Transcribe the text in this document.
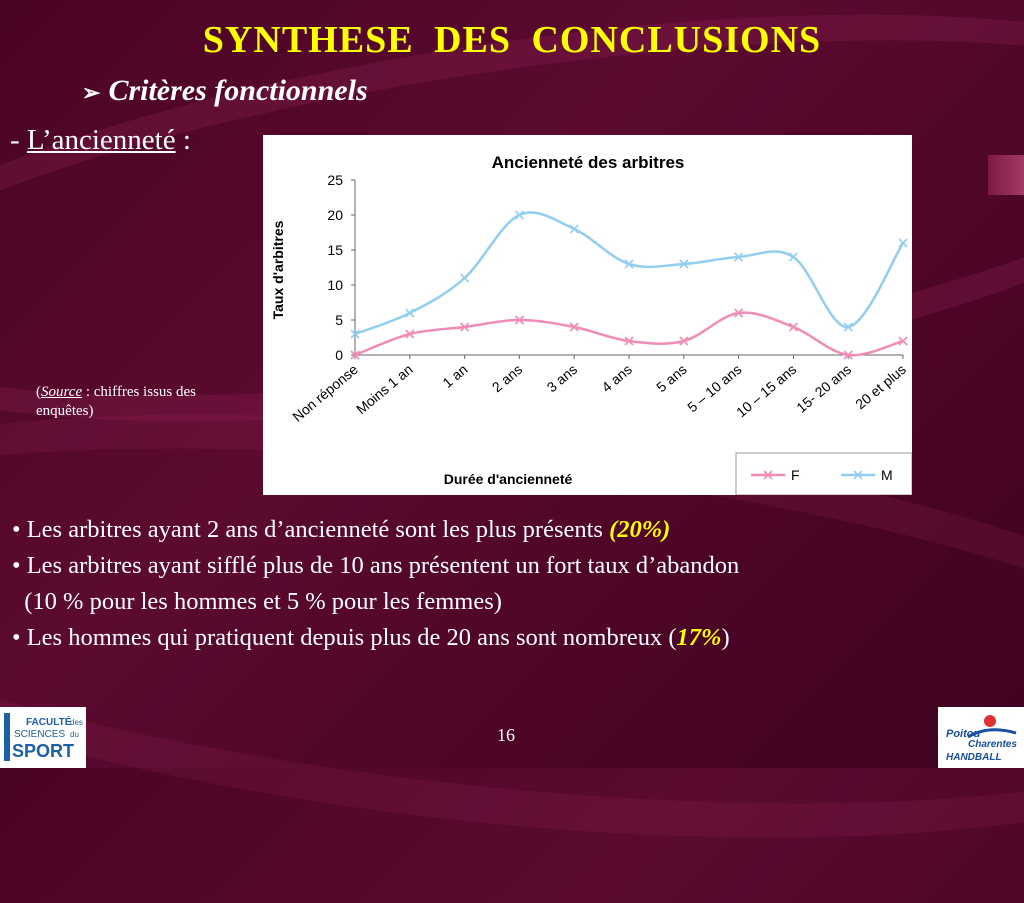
SYNTHESE DES CONCLUSIONS
➢ Critères fonctionnels
- L’ancienneté :
(Source : chiffres issus des enquêtes)
Ancienneté des arbitres
Taux d'arbitres
Durée d'ancienneté
0
5
10
15
20
25
Non réponse
Moins 1 an 1 an 2 ans 3 ans 4 ans 5 ans
5 – 10 ans
10 – 15 ans
15- 20 ans
20 et plus
F	M
• Les arbitres ayant 2 ans d’ancienneté sont les plus présents (20%)
• Les arbitres ayant sifflé plus de 10 ans présentent un fort taux d’abandon
(10 % pour les hommes et 5 % pour les femmes)
• Les hommes qui pratiquent depuis plus de 20 ans sont nombreux (17%)
16
FACULTÉ
des
SCIENCES du
SPORT
Poitou
Charentes
HANDBALL
